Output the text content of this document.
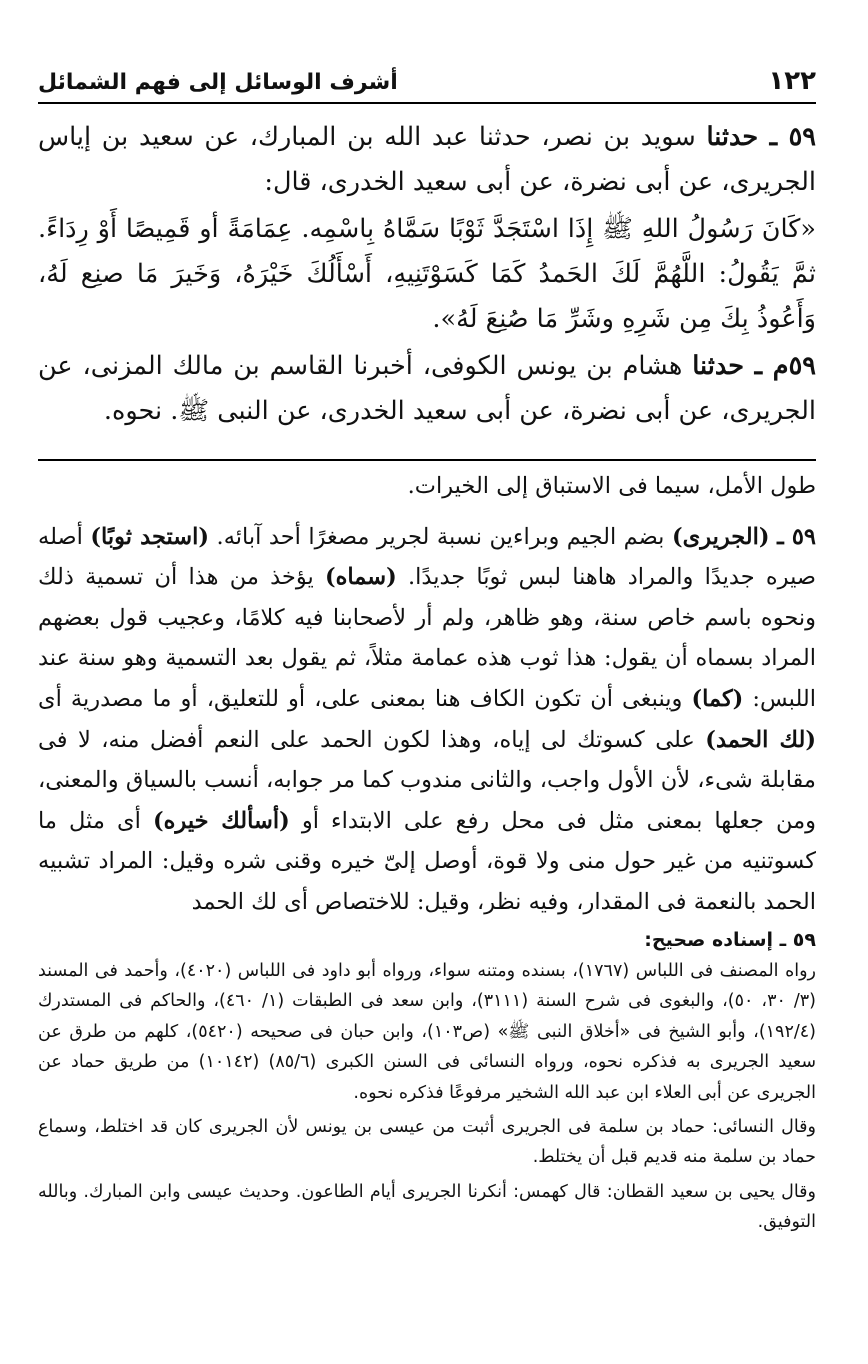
١٢٢
أشرف الوسائل إلى فهم الشمائل

٥٩ ـ حدثنا سويد بن نصر، حدثنا عبد الله بن المبارك، عن سعيد بن إياس الجريرى، عن أبى نضرة، عن أبى سعيد الخدرى، قال:

«كَانَ رَسُولُ اللهِ ﷺ إِذَا اسْتَجَدَّ ثَوْبًا سَمَّاهُ بِاسْمِه. عِمَامَةً أو قَمِيصًا أَوْ رِدَاءً. ثمَّ يَقُولُ: اللَّهُمَّ لَكَ الحَمدُ كَمَا كَسَوْتَنِيهِ، أَسْأَلُكَ خَيْرَهُ، وَخَيرَ مَا صنِع لَهُ، وَأَعُوذُ بِكَ مِن شَرِهِ وشَرِّ مَا صُنِعَ لَهُ».

٥٩م ـ حدثنا هشام بن يونس الكوفى، أخبرنا القاسم بن مالك المزنى، عن الجريرى، عن أبى نضرة، عن أبى سعيد الخدرى، عن النبى ﷺ. نحوه.

طول الأمل، سيما فى الاستباق إلى الخيرات.

٥٩ ـ (الجريرى) بضم الجيم وبراءين نسبة لجرير مصغرًا أحد آبائه. (استجد ثوبًا) أصله صيره جديدًا والمراد هاهنا لبس ثوبًا جديدًا. (سماه) يؤخذ من هذا أن تسمية ذلك ونحوه باسم خاص سنة، وهو ظاهر، ولم أر لأصحابنا فيه كلامًا، وعجيب قول بعضهم المراد بسماه أن يقول: هذا ثوب هذه عمامة مثلاً، ثم يقول بعد التسمية وهو سنة عند اللبس: (كما) وينبغى أن تكون الكاف هنا بمعنى على، أو للتعليق، أو ما مصدرية أى (لك الحمد) على كسوتك لى إياه، وهذا لكون الحمد على النعم أفضل منه، لا فى مقابلة شىء، لأن الأول واجب، والثانى مندوب كما مر جوابه، أنسب بالسياق والمعنى، ومن جعلها بمعنى مثل فى محل رفع على الابتداء أو (أسألك خيره) أى مثل ما كسوتنيه من غير حول منى ولا قوة، أوصل إلىّ خيره وقنى شره وقيل: المراد تشبيه الحمد بالنعمة فى المقدار، وفيه نظر، وقيل: للاختصاص أى لك الحمد

٥٩ ـ إسناده صحيح:

رواه المصنف فى اللباس (١٧٦٧)، بسنده ومتنه سواء، ورواه أبو داود فى اللباس (٤٠٢٠)، وأحمد فى المسند (٣/ ٣٠، ٥٠)، والبغوى فى شرح السنة (٣١١١)، وابن سعد فى الطبقات (١/ ٤٦٠)، والحاكم فى المستدرك (١٩٢/٤)، وأبو الشيخ فى «أخلاق النبى ﷺ» (ص١٠٣)، وابن حبان فى صحيحه (٥٤٢٠)، كلهم من طرق عن سعيد الجريرى به فذكره نحوه، ورواه النسائى فى السنن الكبرى (٨٥/٦) (١٠١٤٢) من طريق حماد عن الجريرى عن أبى العلاء ابن عبد الله الشخير مرفوعًا فذكره نحوه.

وقال النسائى: حماد بن سلمة فى الجريرى أثبت من عيسى بن يونس لأن الجريرى كان قد اختلط، وسماع حماد بن سلمة منه قديم قبل أن يختلط.

وقال يحيى بن سعيد القطان: قال كهمس: أنكرنا الجريرى أيام الطاعون. وحديث عيسى وابن المبارك. وبالله التوفيق.
